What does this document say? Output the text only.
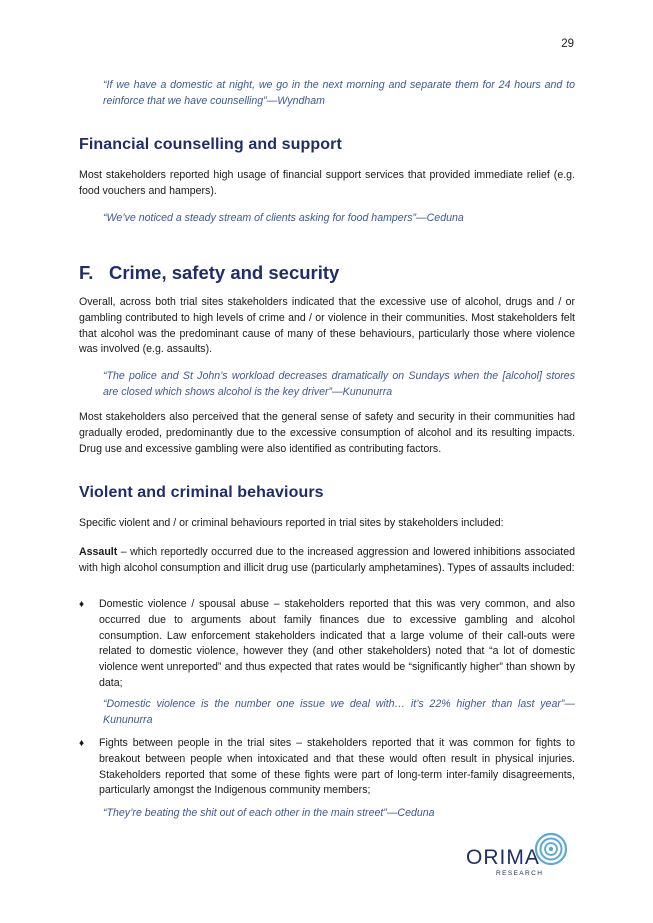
29
“If we have a domestic at night, we go in the next morning and separate them for 24 hours and to reinforce that we have counselling”—Wyndham
Financial counselling and support
Most stakeholders reported high usage of financial support services that provided immediate relief (e.g. food vouchers and hampers).
“We’ve noticed a steady stream of clients asking for food hampers”—Ceduna
F. Crime, safety and security
Overall, across both trial sites stakeholders indicated that the excessive use of alcohol, drugs and / or gambling contributed to high levels of crime and / or violence in their communities. Most stakeholders felt that alcohol was the predominant cause of many of these behaviours, particularly those where violence was involved (e.g. assaults).
“The police and St John’s workload decreases dramatically on Sundays when the [alcohol] stores are closed which shows alcohol is the key driver”—Kununurra
Most stakeholders also perceived that the general sense of safety and security in their communities had gradually eroded, predominantly due to the excessive consumption of alcohol and its resulting impacts. Drug use and excessive gambling were also identified as contributing factors.
Violent and criminal behaviours
Specific violent and / or criminal behaviours reported in trial sites by stakeholders included:
Assault – which reportedly occurred due to the increased aggression and lowered inhibitions associated with high alcohol consumption and illicit drug use (particularly amphetamines). Types of assaults included:
♦	Domestic violence / spousal abuse – stakeholders reported that this was very common, and also occurred due to arguments about family finances due to excessive gambling and alcohol consumption. Law enforcement stakeholders indicated that a large volume of their call-outs were related to domestic violence, however they (and other stakeholders) noted that “a lot of domestic violence went unreported” and thus expected that rates would be “significantly higher” than shown by data;
“Domestic violence is the number one issue we deal with… it’s 22% higher than last year”—Kununurra
♦	Fights between people in the trial sites – stakeholders reported that it was common for fights to breakout between people when intoxicated and that these would often result in physical injuries. Stakeholders reported that some of these fights were part of long-term inter-family disagreements, particularly amongst the Indigenous community members;
“They’re beating the shit out of each other in the main street”—Ceduna
ORIMA
RESEARCH
